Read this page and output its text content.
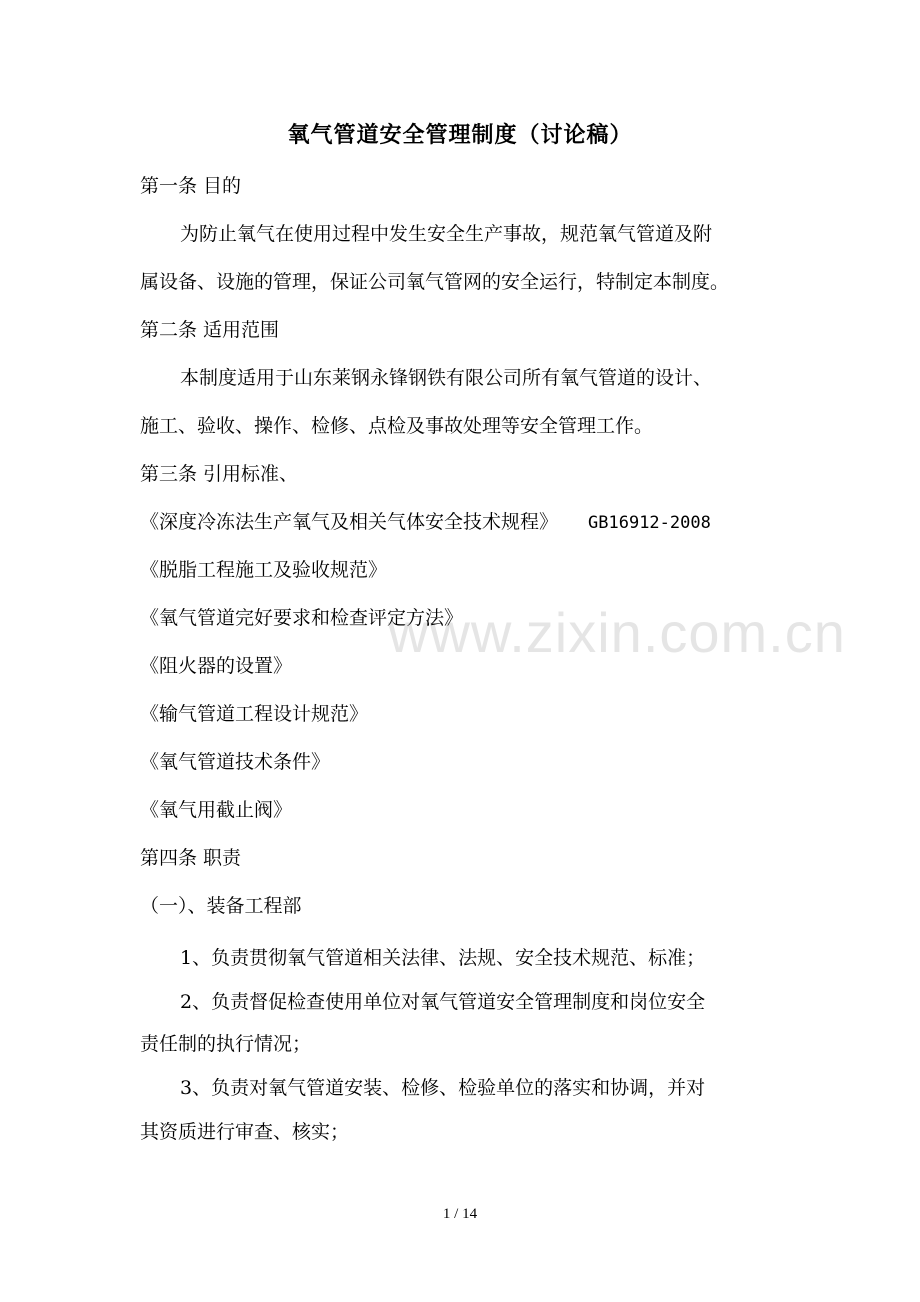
www.zixin.com.cn
氧气管道安全管理制度（讨论稿）
第一条 目的
为防止氧气在使用过程中发生安全生产事故，规范氧气管道及附
属设备、设施的管理，保证公司氧气管网的安全运行，特制定本制度。
第二条 适用范围
本制度适用于山东莱钢永锋钢铁有限公司所有氧气管道的设计、
施工、验收、操作、检修、点检及事故处理等安全管理工作。
第三条 引用标准、
《深度冷冻法生产氧气及相关气体安全技术规程》 GB16912-2008
《脱脂工程施工及验收规范》
《氧气管道完好要求和检查评定方法》
《阻火器的设置》
《输气管道工程设计规范》
《氧气管道技术条件》
《氧气用截止阀》
第四条 职责
（一）、装备工程部
1、负责贯彻氧气管道相关法律、法规、安全技术规范、标准；
2、负责督促检查使用单位对氧气管道安全管理制度和岗位安全
责任制的执行情况；
3、负责对氧气管道安装、检修、检验单位的落实和协调，并对
其资质进行审查、核实；
1 / 14
